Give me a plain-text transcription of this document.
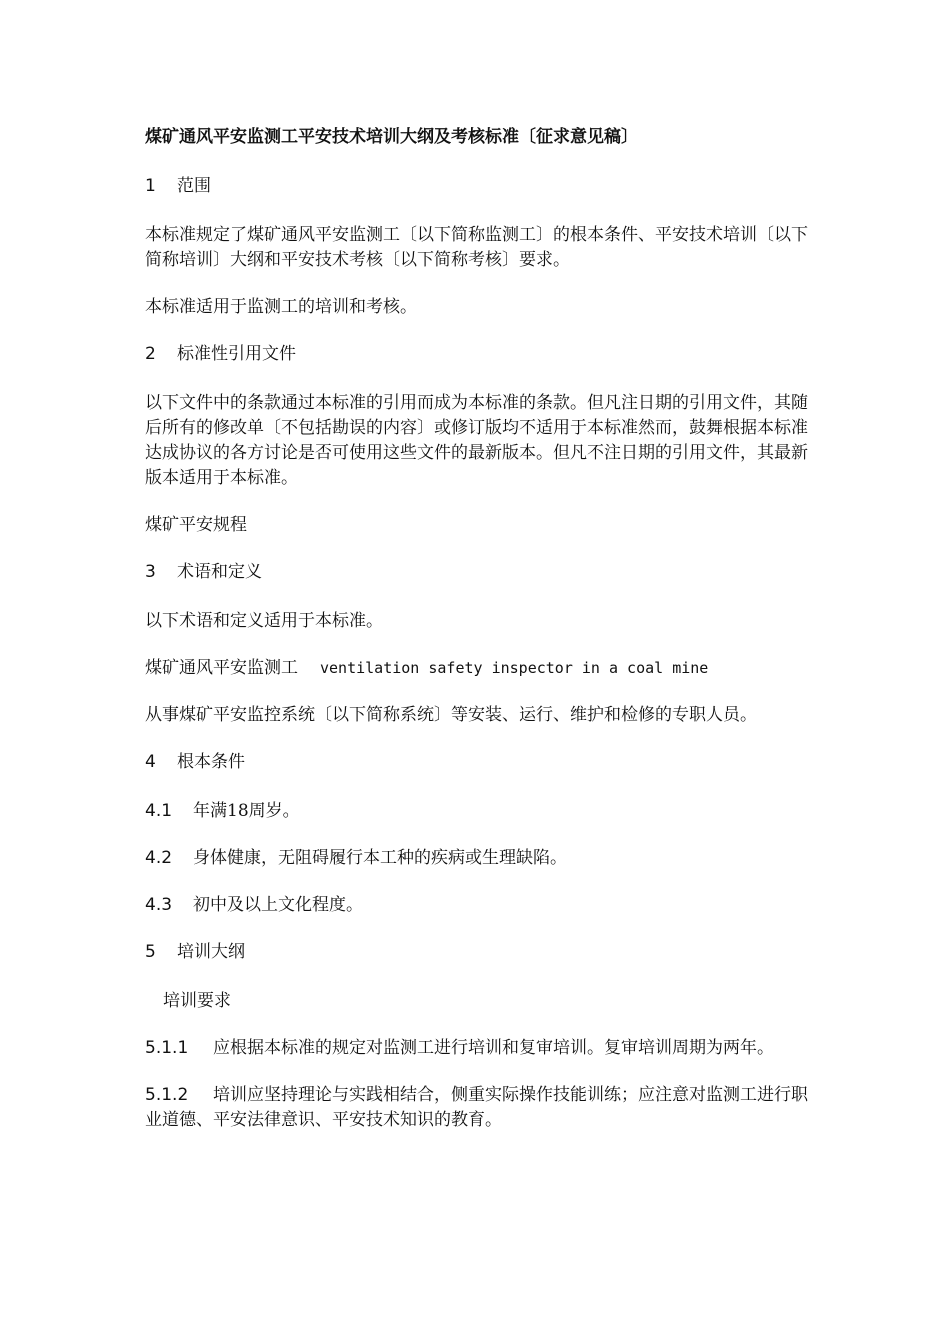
煤矿通风平安监测工平安技术培训大纲及考核标准〔征求意见稿〕
1 范围
本标准规定了煤矿通风平安监测工〔以下简称监测工〕的根本条件、平安技术培训〔以下简称培训〕大纲和平安技术考核〔以下简称考核〕要求。
本标准适用于监测工的培训和考核。
2 标准性引用文件
以下文件中的条款通过本标准的引用而成为本标准的条款。但凡注日期的引用文件，其随后所有的修改单〔不包括勘误的内容〕或修订版均不适用于本标准然而，鼓舞根据本标准达成协议的各方讨论是否可使用这些文件的最新版本。但凡不注日期的引用文件，其最新版本适用于本标准。
煤矿平安规程
3 术语和定义
以下术语和定义适用于本标准。
煤矿通风平安监测工 ventilation safety inspector in a coal mine
从事煤矿平安监控系统〔以下简称系统〕等安装、运行、维护和检修的专职人员。
4 根本条件
4.1 年满18周岁。
4.2 身体健康，无阻碍履行本工种的疾病或生理缺陷。
4.3 初中及以上文化程度。
5 培训大纲
培训要求
5.1.1 应根据本标准的规定对监测工进行培训和复审培训。复审培训周期为两年。
5.1.2 培训应坚持理论与实践相结合，侧重实际操作技能训练；应注意对监测工进行职业道德、平安法律意识、平安技术知识的教育。
